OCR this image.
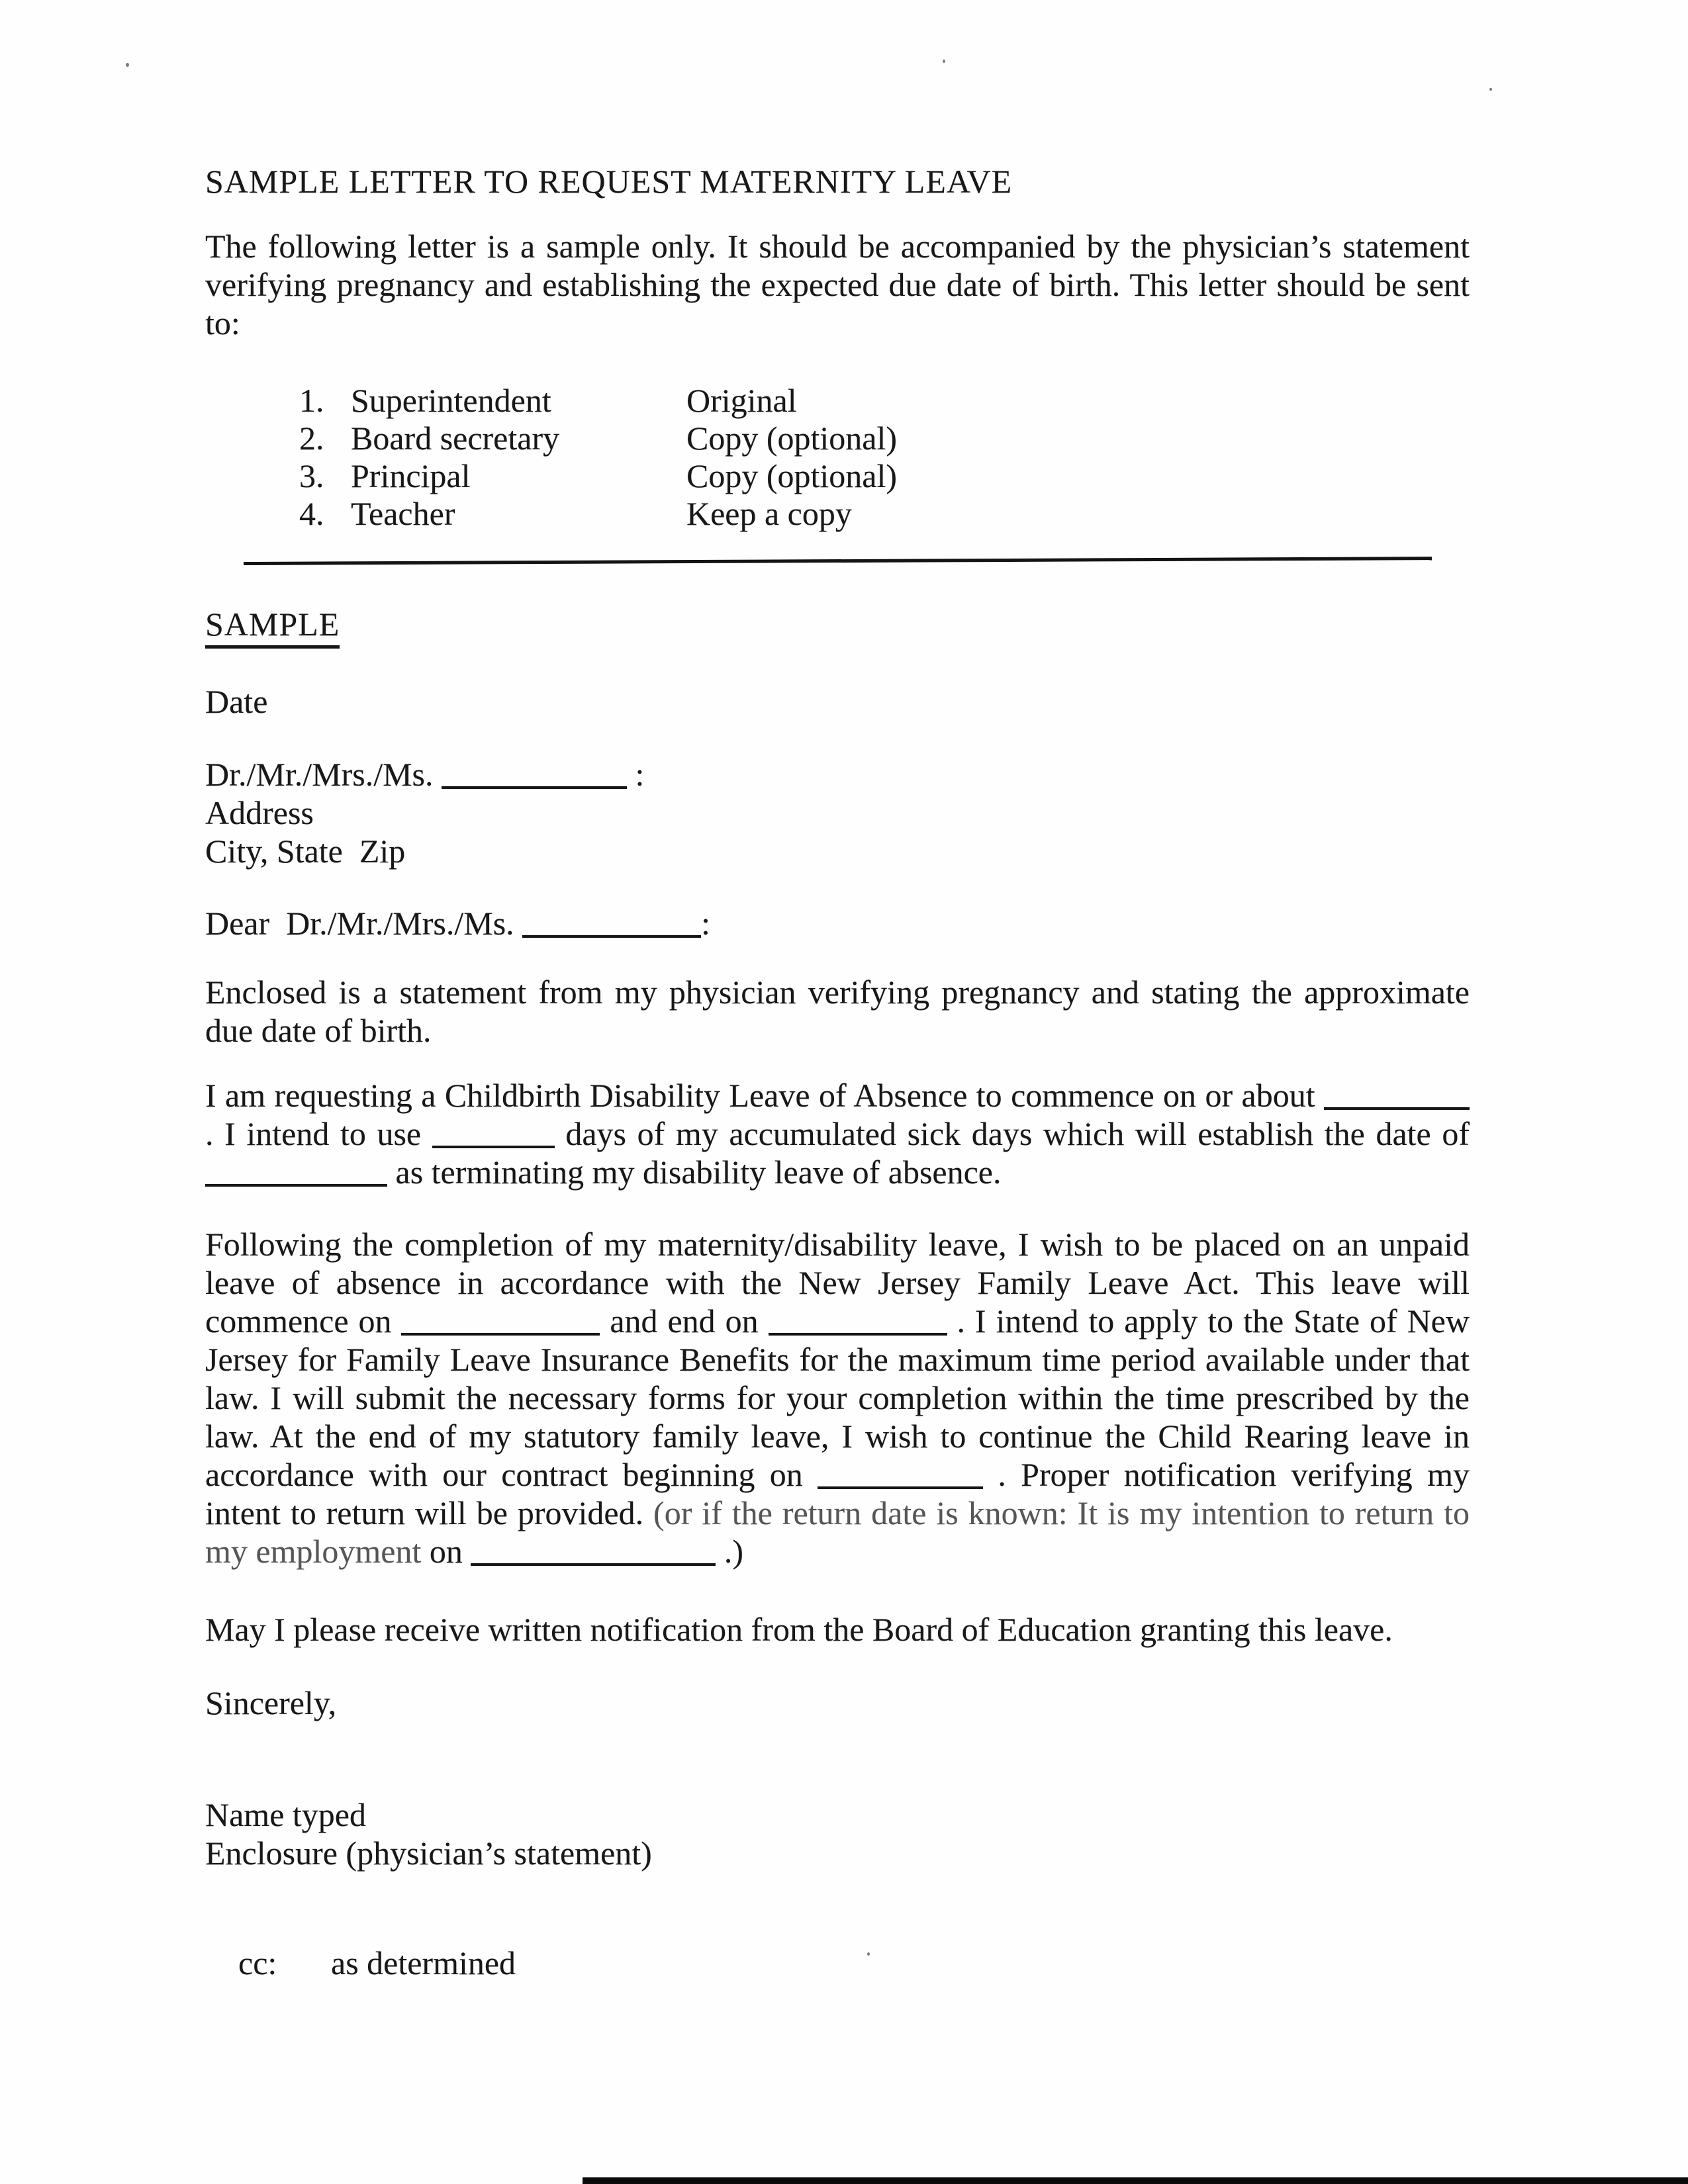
SAMPLE LETTER TO REQUEST MATERNITY LEAVE

The following letter is a sample only. It should be accompanied by the physician’s statement verifying pregnancy and establishing the expected due date of birth. This letter should be sent to:

1. Superintendent	Original
2. Board secretary	Copy (optional)
3. Principal	Copy (optional)
4. Teacher	Keep a copy
SAMPLE
Date
Dr./Mr./Mrs./Ms.	:
Address
City, State  Zip
Dear  Dr./Mr./Mrs./Ms.	:

Enclosed is a statement from my physician verifying pregnancy and stating the approximate due date of birth.

I am requesting a Childbirth Disability Leave of Absence to commence on or about  . I intend to use	days of my accumulated sick days which will establish the date of  as terminating my disability leave of absence.

Following the completion of my maternity/disability leave, I wish to be placed on an unpaid leave of absence in accordance with the New Jersey Family Leave Act. This leave will commence on	and end on	. I intend to apply to the State of New Jersey for Family Leave Insurance Benefits for the maximum time period available under that law. I will submit the necessary forms for your completion within the time prescribed by the law. At the end of my statutory family leave, I wish to continue the Child Rearing leave in accordance with our contract beginning on	. Proper notification verifying my intent to return will be provided. (or if the return date is known: It is my intention to return to my employment on	.)

May I please receive written notification from the Board of Education granting this leave.

Sincerely,
Name typed
Enclosure (physician’s statement)

cc: as determined
